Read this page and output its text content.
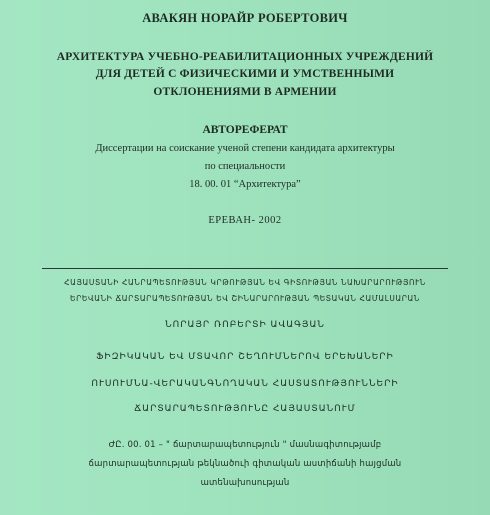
АВАКЯН НОРАЙР РОБЕРТОВИЧ
АРХИТЕКТУРА УЧЕБНО-РЕАБИЛИТАЦИОННЫХ УЧРЕЖДЕНИЙ
ДЛЯ ДЕТЕЙ С ФИЗИЧЕСКИМИ И УМСТВЕННЫМИ
ОТКЛОНЕНИЯМИ В АРМЕНИИ
АВТОРЕФЕРАТ
Диссертации на соискание ученой степени кандидата архитектуры
по специальности
18. 00. 01 “Архитектура”
ЕРЕВАН- 2002
ՀԱՅԱՍՏԱՆԻ ՀԱՆՐԱՊԵՏՈՒԹՅԱՆ ԿՐԹՈՒԹՅԱՆ ԵՎ ԳԻՏՈՒԹՅԱՆ ՆԱԽԱՐԱՐՈՒԹՅՈՒՆ
ԵՐԵՎԱՆԻ ՃԱՐՏԱՐԱՊԵՏՈՒԹՅԱՆ ԵՎ ՇԻՆԱՐԱՐՈՒԹՅԱՆ ՊԵՏԱԿԱՆ ՀԱՄԱԼՍԱՐԱՆ
ՆՈՐԱՅՐ ՌՈԲԵՐՏԻ ԱՎԱԳՅԱՆ
ՖԻԶԻԿԱԿԱՆ ԵՎ ՄՏԱՎՈՐ ՇԵՂՈՒՄՆԵՐՈՎ ԵՐԵԽԱՆԵՐԻ
ՈՒՍՈՒՄՆԱ-ՎԵՐԱԿԱՆԳՆՈՂԱԿԱՆ ՀԱՍՏԱՏՈՒԹՅՈՒՆՆԵՐԻ
ՃԱՐՏԱՐԱՊԵՏՈՒԹՅՈՒՆԸ ՀԱՅԱՍՏԱՆՈՒՄ
ԺԸ. 00. 01 – " ճարտարապետություն " մասնագիտությամբ
ճարտարապետության թեկնածուի գիտական աստիճանի հայցման
ատենախոսության
